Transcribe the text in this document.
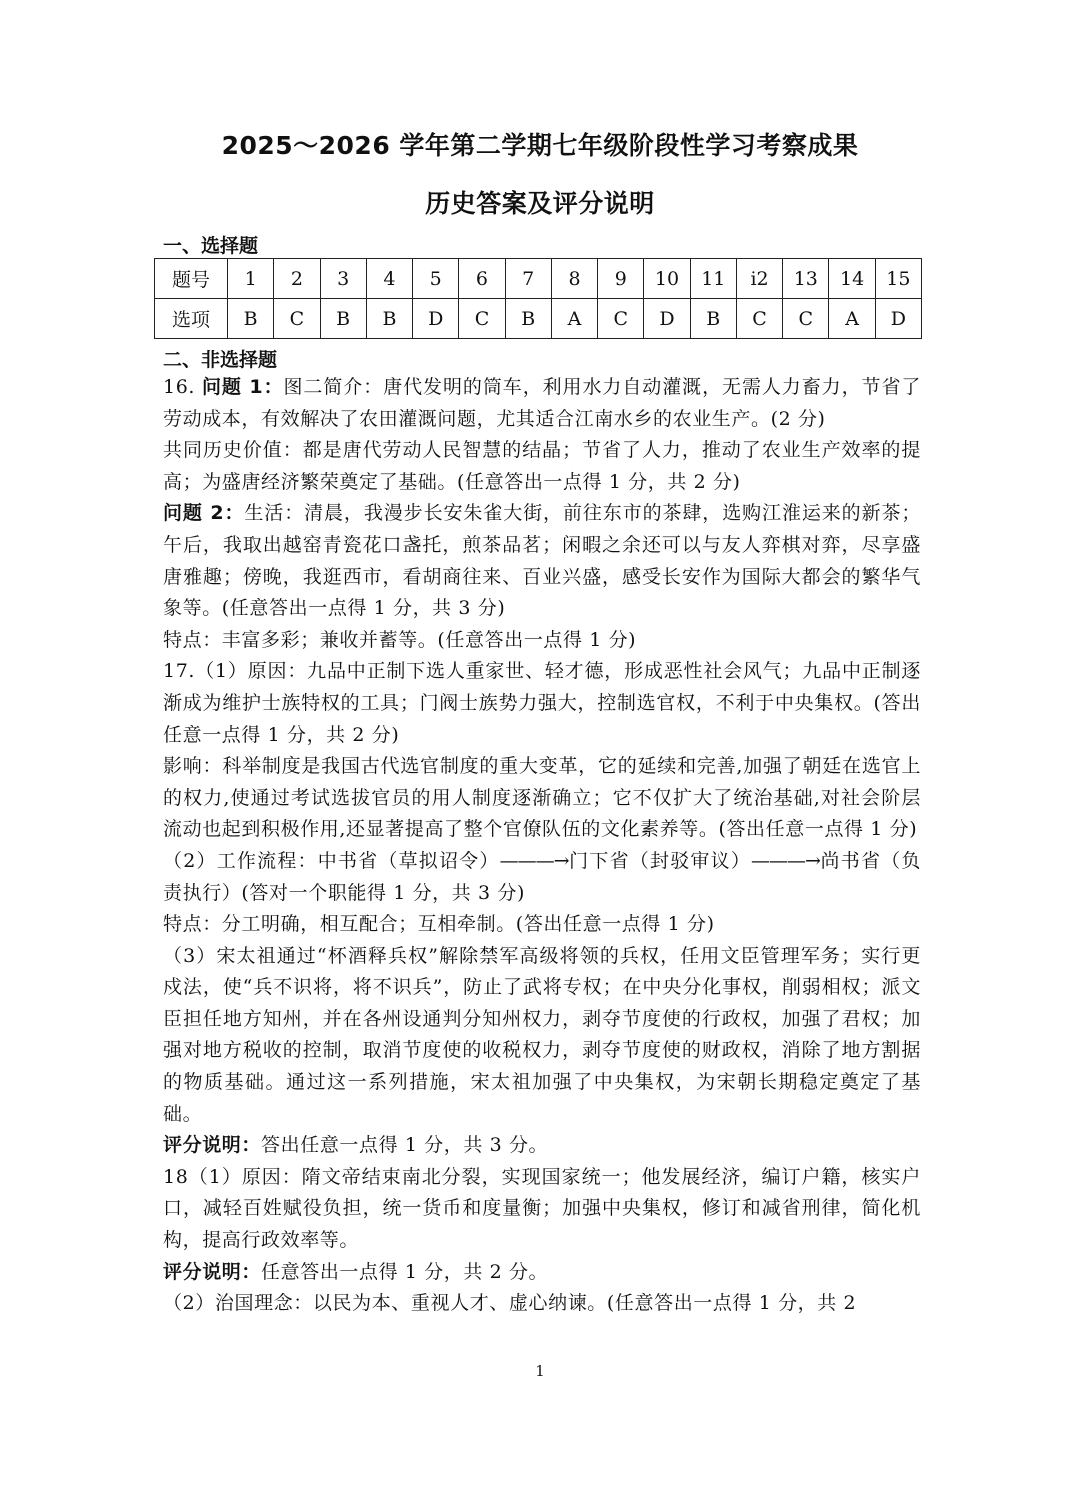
2025～2026 学年第二学期七年级阶段性学习考察成果
历史答案及评分说明
一、选择题
题号	1	2	3	4	5	6	7	8	9	10	11	i2	13	14	15
选项	B	C	B	B	D	C	B	A	C	D	B	C	C	A	D
二、非选择题

16. 问题 1：图二简介：唐代发明的筒车，利用水力自动灌溉，无需人力畜力，节省了劳动成本，有效解决了农田灌溉问题，尤其适合江南水乡的农业生产。(2 分)

共同历史价值：都是唐代劳动人民智慧的结晶；节省了人力，推动了农业生产效率的提高；为盛唐经济繁荣奠定了基础。(任意答出一点得 1 分，共 2 分)

问题 2：生活：清晨，我漫步长安朱雀大街，前往东市的茶肆，选购江淮运来的新茶；午后，我取出越窑青瓷花口盏托，煎茶品茗；闲暇之余还可以与友人弈棋对弈，尽享盛唐雅趣；傍晚，我逛西市，看胡商往来、百业兴盛，感受长安作为国际大都会的繁华气象等。(任意答出一点得 1 分，共 3 分)

特点：丰富多彩；兼收并蓄等。(任意答出一点得 1 分)

17.（1）原因：九品中正制下选人重家世、轻才德，形成恶性社会风气；九品中正制逐渐成为维护士族特权的工具；门阀士族势力强大，控制选官权，不利于中央集权。(答出任意一点得 1 分，共 2 分)

影响：科举制度是我国古代选官制度的重大变革，它的延续和完善,加强了朝廷在选官上的权力,使通过考试选拔官员的用人制度逐渐确立；它不仅扩大了统治基础,对社会阶层流动也起到积极作用,还显著提高了整个官僚队伍的文化素养等。(答出任意一点得 1 分)

（2）工作流程：中书省（草拟诏令）———→门下省（封驳审议）———→尚书省（负责执行）(答对一个职能得 1 分，共 3 分)

特点：分工明确，相互配合；互相牵制。(答出任意一点得 1 分)

（3）宋太祖通过“杯酒释兵权”解除禁军高级将领的兵权，任用文臣管理军务；实行更戍法，使“兵不识将，将不识兵”，防止了武将专权；在中央分化事权，削弱相权；派文臣担任地方知州，并在各州设通判分知州权力，剥夺节度使的行政权，加强了君权；加强对地方税收的控制，取消节度使的收税权力，剥夺节度使的财政权，消除了地方割据的物质基础。通过这一系列措施，宋太祖加强了中央集权，为宋朝长期稳定奠定了基础。

评分说明：答出任意一点得 1 分，共 3 分。

18（1）原因：隋文帝结束南北分裂，实现国家统一；他发展经济，编订户籍，核实户口，减轻百姓赋役负担，统一货币和度量衡；加强中央集权，修订和减省刑律，简化机构，提高行政效率等。

评分说明：任意答出一点得 1 分，共 2 分。

（2）治国理念：以民为本、重视人才、虚心纳谏。(任意答出一点得 1 分，共 2

1
